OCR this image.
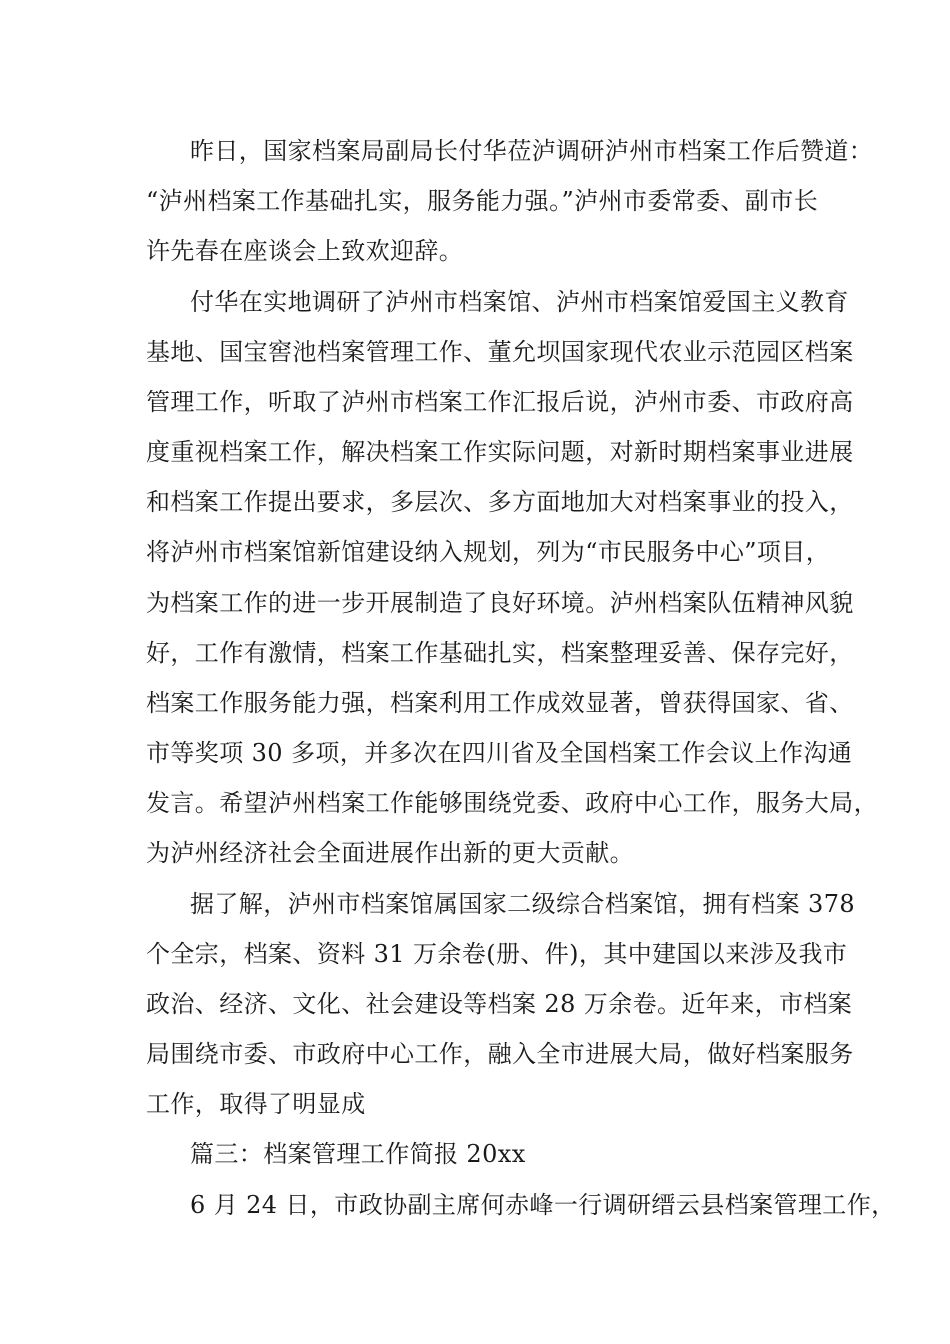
昨日，国家档案局副局长付华莅泸调研泸州市档案工作后赞道：
“泸州档案工作基础扎实，服务能力强。”泸州市委常委、副市长
许先春在座谈会上致欢迎辞。
付华在实地调研了泸州市档案馆、泸州市档案馆爱国主义教育
基地、国宝窖池档案管理工作、董允坝国家现代农业示范园区档案
管理工作，听取了泸州市档案工作汇报后说，泸州市委、市政府高
度重视档案工作，解决档案工作实际问题，对新时期档案事业进展
和档案工作提出要求，多层次、多方面地加大对档案事业的投入，
将泸州市档案馆新馆建设纳入规划，列为“市民服务中心”项目，
为档案工作的进一步开展制造了良好环境。泸州档案队伍精神风貌
好，工作有激情，档案工作基础扎实，档案整理妥善、保存完好，
档案工作服务能力强，档案利用工作成效显著，曾获得国家、省、
市等奖项 30 多项，并多次在四川省及全国档案工作会议上作沟通
发言。希望泸州档案工作能够围绕党委、政府中心工作，服务大局，
为泸州经济社会全面进展作出新的更大贡献。
据了解，泸州市档案馆属国家二级综合档案馆，拥有档案 378
个全宗，档案、资料 31 万余卷(册、件)，其中建国以来涉及我市
政治、经济、文化、社会建设等档案 28 万余卷。近年来，市档案
局围绕市委、市政府中心工作，融入全市进展大局，做好档案服务
工作，取得了明显成
篇三：档案管理工作简报 20xx
6 月 24 日，市政协副主席何赤峰一行调研缙云县档案管理工作，
